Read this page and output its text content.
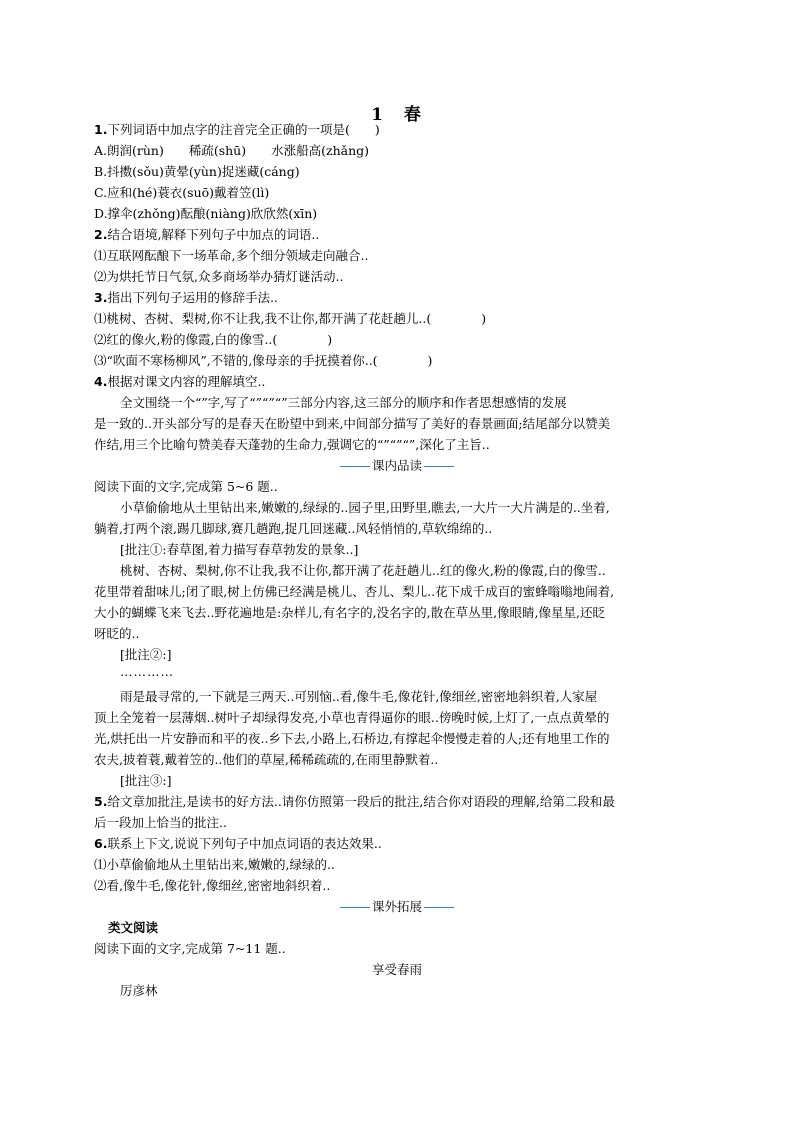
1　春
1.下列词语中加点字的注音完全正确的一项是(　　)
A.朗润(rùn)　　稀疏(shū)　　水涨船高(zhǎng)
B.抖擞(sǒu)黄晕(yùn)捉迷藏(cáng)
C.应和(hé)蓑衣(suō)戴着笠(lì)
D.撑伞(zhǒng)酝酿(niàng)欣欣然(xīn)
2.结合语境,解释下列句子中加点的词语..
⑴互联网酝酿下一场革命,多个细分领域走向融合..
⑵为烘托节日气氛,众多商场举办猜灯谜活动..
3.指出下列句子运用的修辞手法..
⑴桃树、杏树、梨树,你不让我,我不让你,都开满了花赶趟儿..(　　　　)
⑵红的像火,粉的像霞,白的像雪..(　　　　)
⑶“吹面不寒杨柳风”,不错的,像母亲的手抚摸着你..(　　　　)
4.根据对课文内容的理解填空..
全文围绕一个“”字,写了“”“”“”三部分内容,这三部分的顺序和作者思想感情的发展
是一致的..开头部分写的是春天在盼望中到来,中间部分描写了美好的春景画面;结尾部分以赞美
作结,用三个比喻句赞美春天蓬勃的生命力,强调它的“”“”“”,深化了主旨..
课内品读
阅读下面的文字,完成第 5~6 题..
小草偷偷地从土里钻出来,嫩嫩的,绿绿的..园子里,田野里,瞧去,一大片一大片满是的..坐着,
躺着,打两个滚,踢几脚球,赛几趟跑,捉几回迷藏..风轻悄悄的,草软绵绵的..
[批注①:春草图,着力描写春草勃发的景象..]
桃树、杏树、梨树,你不让我,我不让你,都开满了花赶趟儿..红的像火,粉的像霞,白的像雪..
花里带着甜味儿;闭了眼,树上仿佛已经满是桃儿、杏儿、梨儿..花下成千成百的蜜蜂嗡嗡地闹着,
大小的蝴蝶飞来飞去..野花遍地是:杂样儿,有名字的,没名字的,散在草丛里,像眼睛,像星星,还眨
呀眨的..
[批注②:]
…………
雨是最寻常的,一下就是三两天..可别恼..看,像牛毛,像花针,像细丝,密密地斜织着,人家屋
顶上全笼着一层薄烟..树叶子却绿得发亮,小草也青得逼你的眼..傍晚时候,上灯了,一点点黄晕的
光,烘托出一片安静而和平的夜..乡下去,小路上,石桥边,有撑起伞慢慢走着的人;还有地里工作的
农夫,披着蓑,戴着笠的..他们的草屋,稀稀疏疏的,在雨里静默着..
[批注③:]
5.给文章加批注,是读书的好方法..请你仿照第一段后的批注,结合你对语段的理解,给第二段和最
后一段加上恰当的批注..
6.联系上下文,说说下列句子中加点词语的表达效果..
⑴小草偷偷地从土里钻出来,嫩嫩的,绿绿的..
⑵看,像牛毛,像花针,像细丝,密密地斜织着..
课外拓展
类文阅读
阅读下面的文字,完成第 7~11 题..
享受春雨
厉彦林
